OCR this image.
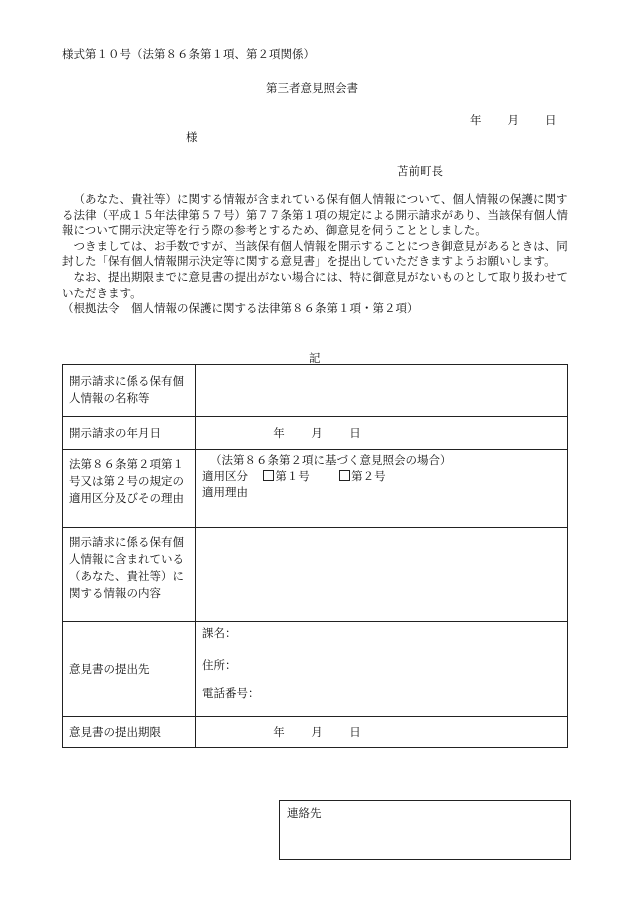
様式第１０号（法第８６条第１項、第２項関係）
第三者意見照会書
年 月 日
様
苫前町長

（あなた、貴社等）に関する情報が含まれている保有個人情報について、個人情報の保護に関する法律（平成１５年法律第５７号）第７７条第１項の規定による開示請求があり、当該保有個人情報について開示決定等を行う際の参考とするため、御意見を伺うこととしました。

つきましては、お手数ですが、当該保有個人情報を開示することにつき御意見があるときは、同封した「保有個人情報開示決定等に関する意見書」を提出していただきますようお願いします。

なお、提出期限までに意見書の提出がない場合には、特に御意見がないものとして取り扱わせていただきます。

（根拠法令　個人情報の保護に関する法律第８６条第１項・第２項）

記
開示請求に係る保有個人情報の名称等	
開示請求の年月日	年 月 日
法第８６条第２項第１号又は第２号の規定の適用区分及びその理由	（法第８６条第２項に基づく意見照会の場合）
適用区分 第１号 第２号
適用理由

開示請求に係る保有個人情報に含まれている（あなた、貴社等）に関する情報の内容	
意見書の提出先	課名：
住所：
電話番号：

意見書の提出期限	年 月 日
連絡先
